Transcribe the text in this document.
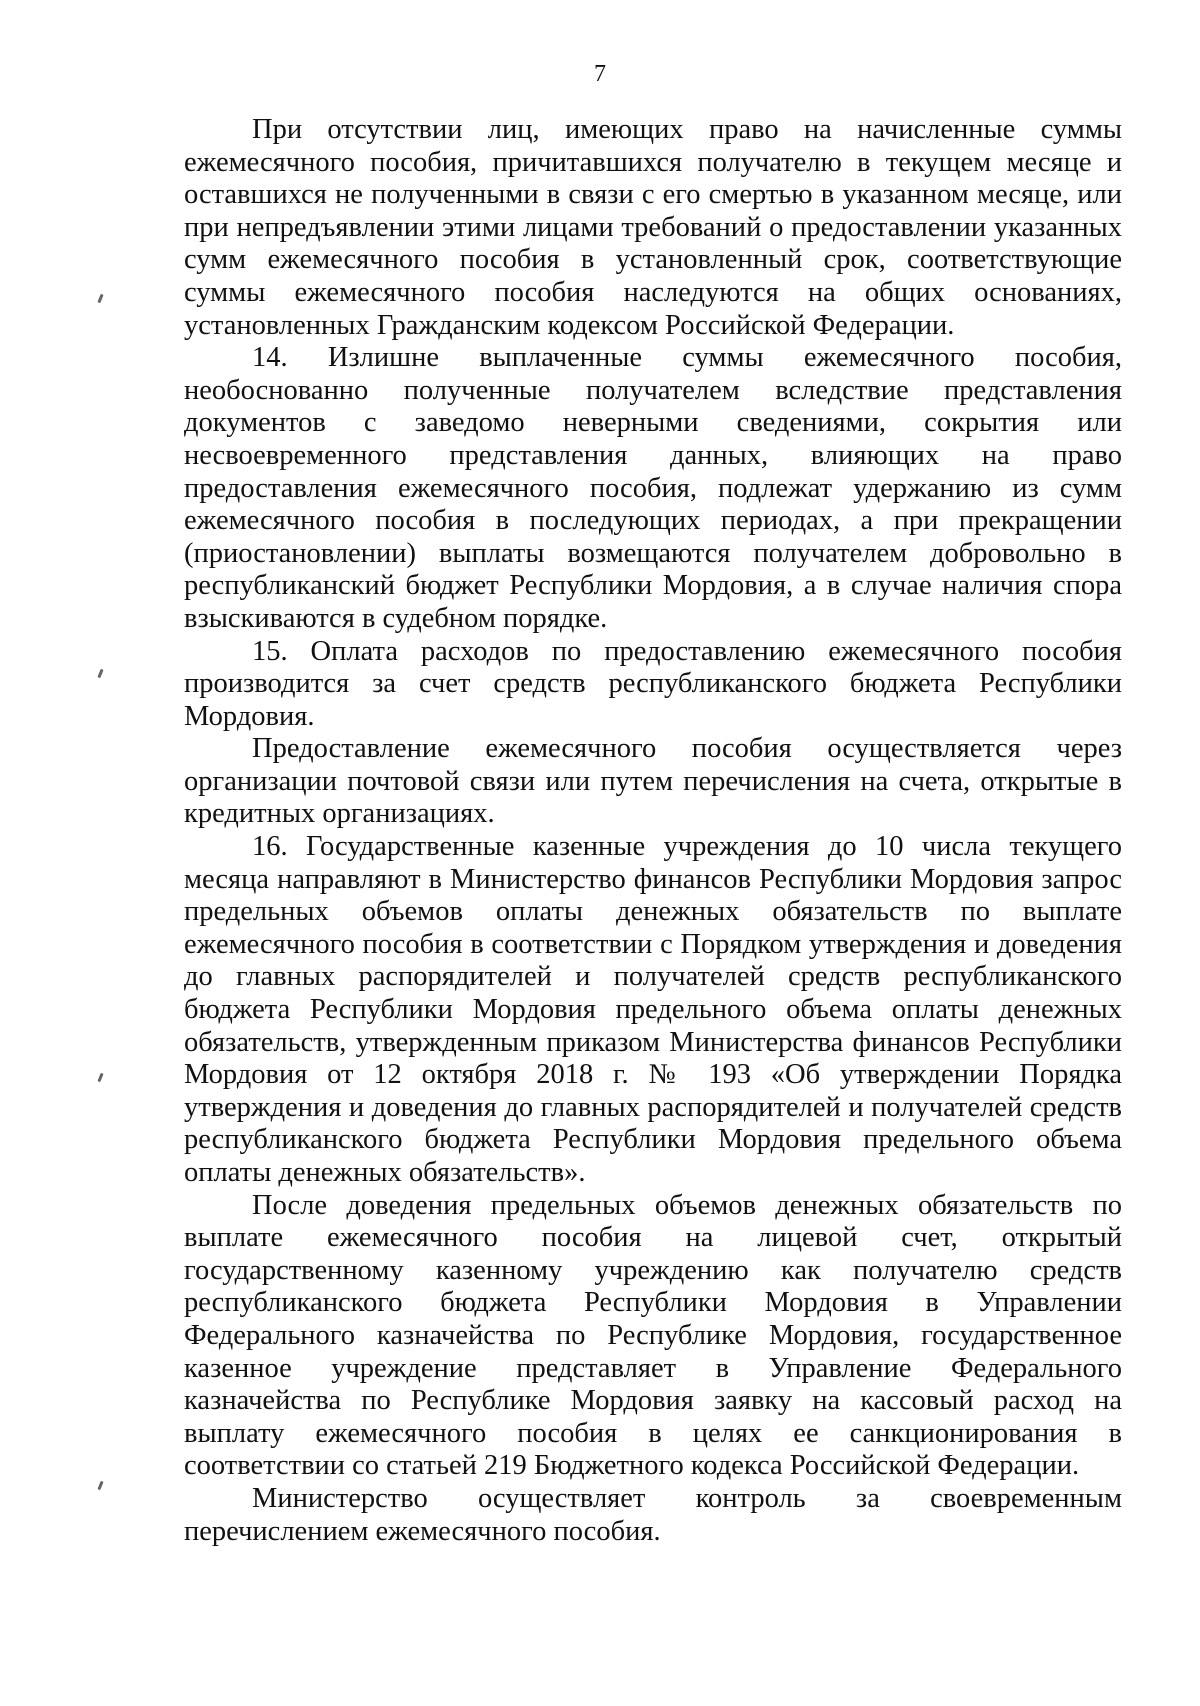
7

При отсутствии лиц, имеющих право на начисленные суммы ежемесячного пособия, причитавшихся получателю в текущем месяце и оставшихся не полученными в связи с его смертью в указанном месяце, или при непредъявлении этими лицами требований о предоставлении указанных сумм ежемесячного пособия в установленный срок, соответствующие суммы ежемесячного пособия наследуются на общих основаниях, установленных Гражданским кодексом Российской Федерации.

14. Излишне выплаченные суммы ежемесячного пособия, необоснованно полученные получателем вследствие представления документов с заведомо неверными сведениями, сокрытия или несвоевременного представления данных, влияющих на право предоставления ежемесячного пособия, подлежат удержанию из сумм ежемесячного пособия в последующих периодах, а при прекращении (приостановлении) выплаты возмещаются получателем добровольно в республиканский бюджет Республики Мордовия, а в случае наличия спора взыскиваются в судебном порядке.

15. Оплата расходов по предоставлению ежемесячного пособия производится за счет средств республиканского бюджета Республики Мордовия.

Предоставление ежемесячного пособия осуществляется через организации почтовой связи или путем перечисления на счета, открытые в кредитных организациях.

16. Государственные казенные учреждения до 10 числа текущего месяца направляют в Министерство финансов Республики Мордовия запрос предельных объемов оплаты денежных обязательств по выплате ежемесячного пособия в соответствии с Порядком утверждения и доведения до главных распорядителей и получателей средств республиканского бюджета Республики Мордовия предельного объема оплаты денежных обязательств, утвержденным приказом Министерства финансов Республики Мордовия от 12 октября 2018 г. № 193 «Об утверждении Порядка утверждения и доведения до главных распорядителей и получателей средств республиканского бюджета Республики Мордовия предельного объема оплаты денежных обязательств».

После доведения предельных объемов денежных обязательств по выплате ежемесячного пособия на лицевой счет, открытый государственному казенному учреждению как получателю средств республиканского бюджета Республики Мордовия в Управлении Федерального казначейства по Республике Мордовия, государственное казенное учреждение представляет в Управление Федерального казначейства по Республике Мордовия заявку на кассовый расход на выплату ежемесячного пособия в целях ее санкционирования в соответствии со статьей 219 Бюджетного кодекса Российской Федерации.

Министерство осуществляет контроль за своевременным перечислением ежемесячного пособия.
